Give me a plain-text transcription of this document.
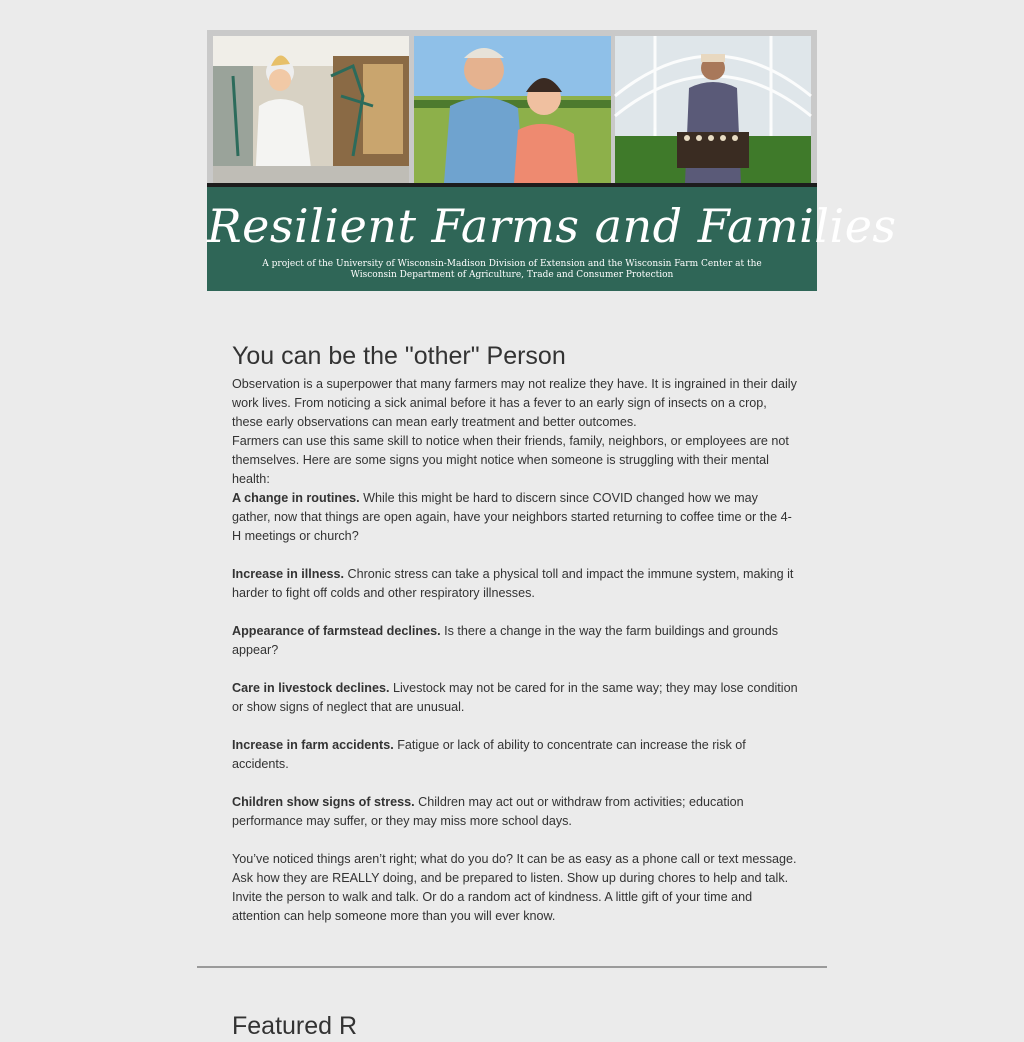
Resilient Farms and Families
A project of the University of Wisconsin-Madison Division of Extension and the Wisconsin Farm Center at the
Wisconsin Department of Agriculture, Trade and Consumer Protection
You can be the "other" Person

Observation is a superpower that many farmers may not realize they have. It is ingrained in their daily work lives. From noticing a sick animal before it has a fever to an early sign of insects on a crop, these early observations can mean early treatment and better outcomes.

Farmers can use this same skill to notice when their friends, family, neighbors, or employees are not themselves. Here are some signs you might notice when someone is struggling with their mental health:

A change in routines. While this might be hard to discern since COVID changed how we may gather, now that things are open again, have your neighbors started returning to coffee time or the 4-H meetings or church?

Increase in illness. Chronic stress can take a physical toll and impact the immune system, making it harder to fight off colds and other respiratory illnesses.

Appearance of farmstead declines. Is there a change in the way the farm buildings and grounds appear?

Care in livestock declines. Livestock may not be cared for in the same way; they may lose condition or show signs of neglect that are unusual.

Increase in farm accidents. Fatigue or lack of ability to concentrate can increase the risk of accidents.

Children show signs of stress. Children may act out or withdraw from activities; education performance may suffer, or they may miss more school days.

You’ve noticed things aren’t right; what do you do? It can be as easy as a phone call or text message. Ask how they are REALLY doing, and be prepared to listen. Show up during chores to help and talk. Invite the person to walk and talk. Or do a random act of kindness. A little gift of your time and attention can help someone more than you will ever know.

Featured R
